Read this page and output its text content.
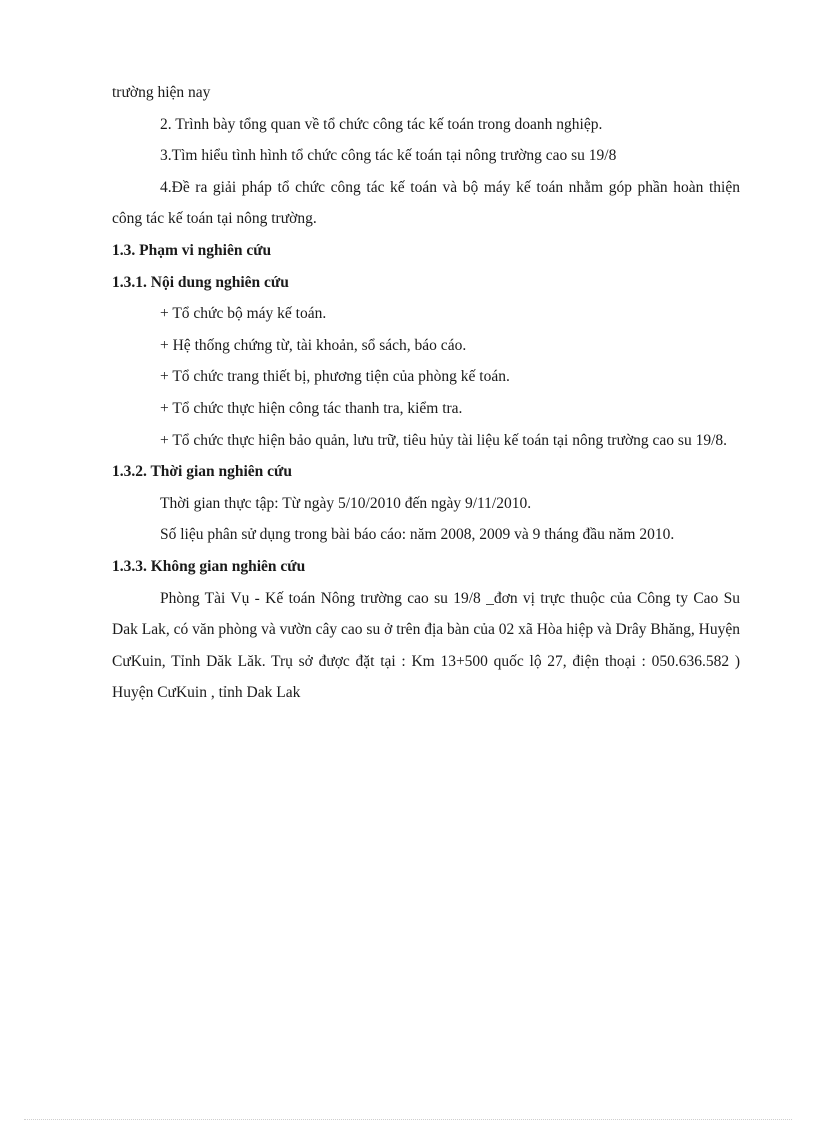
trường hiện nay
2. Trình bày tổng quan về tổ chức công tác kế toán trong doanh nghiệp.
3.Tìm hiểu tình hình tổ chức công tác kế toán tại nông trường cao su 19/8
4.Đề ra giải pháp tổ chức công tác kế toán và bộ máy kế toán nhằm góp phần hoàn thiện công tác kế toán tại nông trường.
1.3. Phạm vi nghiên cứu
1.3.1. Nội dung nghiên cứu
+ Tổ chức bộ máy kế toán.
+ Hệ thống chứng từ, tài khoản, sổ sách, báo cáo.
+ Tổ chức trang thiết bị, phương tiện của phòng kế toán.
+ Tổ chức thực hiện công tác thanh tra, kiểm tra.
+ Tổ chức thực hiện bảo quản, lưu trữ, tiêu hủy tài liệu kế toán tại nông trường cao su 19/8.
1.3.2. Thời gian nghiên cứu
Thời gian thực tập: Từ ngày 5/10/2010 đến ngày 9/11/2010.
Số liệu phân sử dụng trong bài báo cáo: năm 2008, 2009 và 9 tháng đầu năm 2010.
1.3.3. Không gian nghiên cứu
Phòng Tài Vụ - Kế toán Nông trường cao su 19/8 _đơn vị trực thuộc của Công ty Cao Su Dak Lak, có văn phòng và vườn cây cao su ở trên địa bàn của 02 xã Hòa hiệp và Drây Bhăng, Huyện CưKuin, Tỉnh Dăk Lăk. Trụ sở được đặt tại : Km 13+500 quốc lộ 27, điện thoại : 050.636.582 ) Huyện CưKuin , tỉnh Dak Lak
